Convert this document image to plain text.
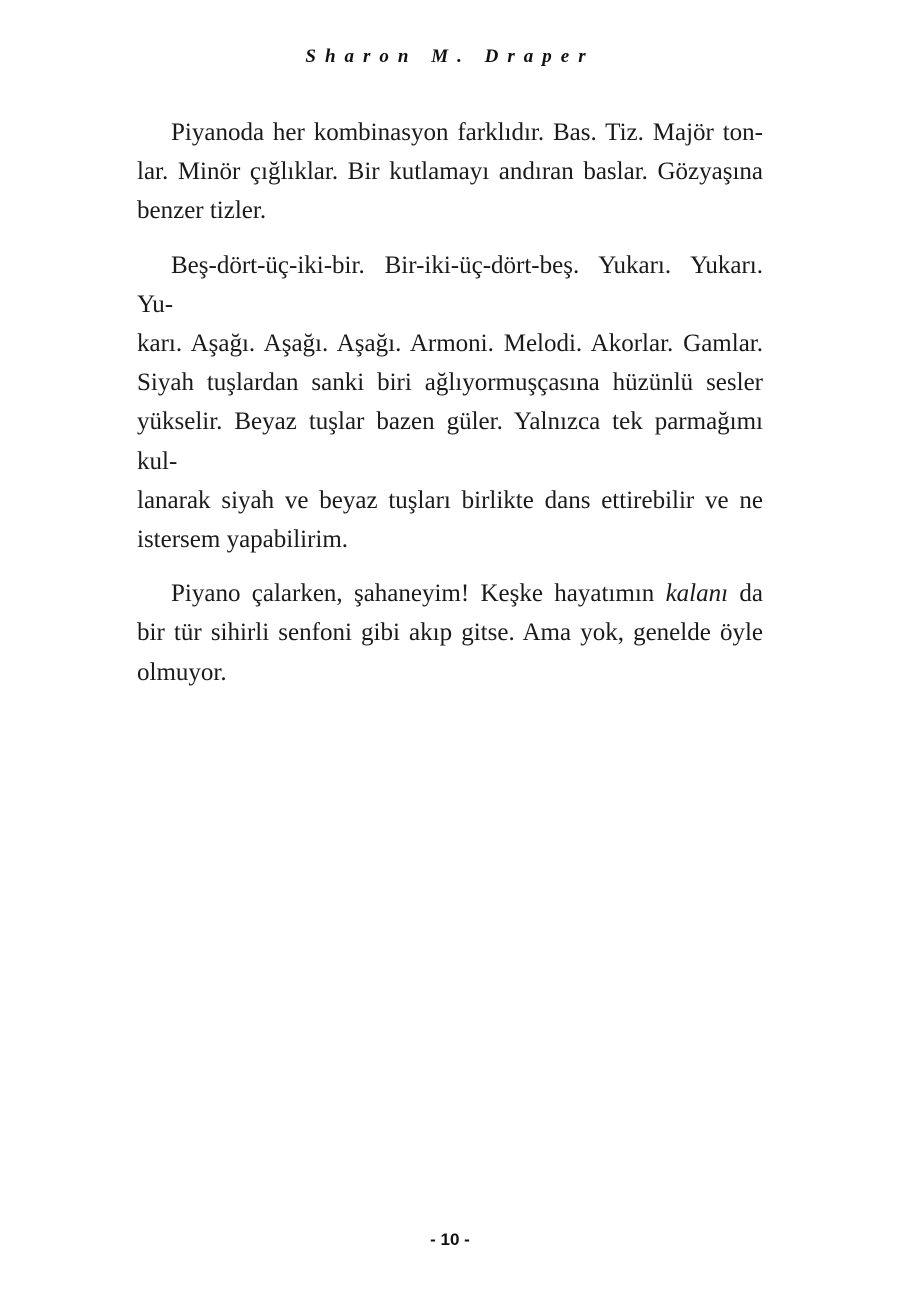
Sharon M. Draper

Piyanoda her kombinasyon farklıdır. Bas. Tiz. Majör ton-
lar. Minör çığlıklar. Bir kutlamayı andıran baslar. Gözyaşına
benzer tizler.

Beş-dört-üç-iki-bir. Bir-iki-üç-dört-beş. Yukarı. Yukarı. Yu-
karı. Aşağı. Aşağı. Aşağı. Armoni. Melodi. Akorlar. Gamlar.
Siyah tuşlardan sanki biri ağlıyormuşçasına hüzünlü sesler
yükselir. Beyaz tuşlar bazen güler. Yalnızca tek parmağımı kul-
lanarak siyah ve beyaz tuşları birlikte dans ettirebilir ve ne
istersem yapabilirim.

Piyano çalarken, şahaneyim! Keşke hayatımın kalanı da
bir tür sihirli senfoni gibi akıp gitse. Ama yok, genelde öyle
olmuyor.

- 10 -
